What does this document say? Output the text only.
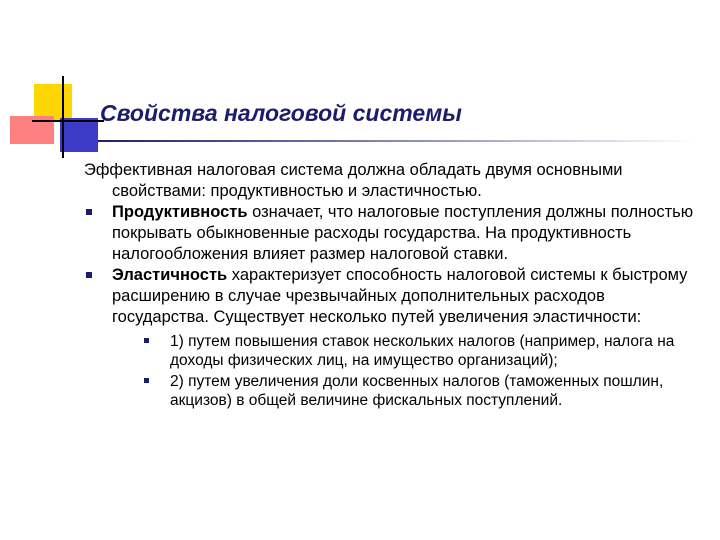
Свойства налоговой системы

Эффективная налоговая система должна обладать двумя основными свойствами: продуктивностью и эластичностью.

Продуктивность означает, что налоговые поступления должны полностью покрывать обыкновенные расходы государства. На продуктивность налогообложения влияет размер налоговой ставки.
Эластичность характеризует способность налоговой системы к быстрому расширению в случае чрезвычайных дополнительных расходов государства. Существует несколько путей увеличения эластичности:
1) путем повышения ставок нескольких налогов (например, налога на доходы физических лиц, на имущество организаций);
2) путем увеличения доли косвенных налогов (таможенных пошлин, акцизов) в общей величине фискальных поступлений.
